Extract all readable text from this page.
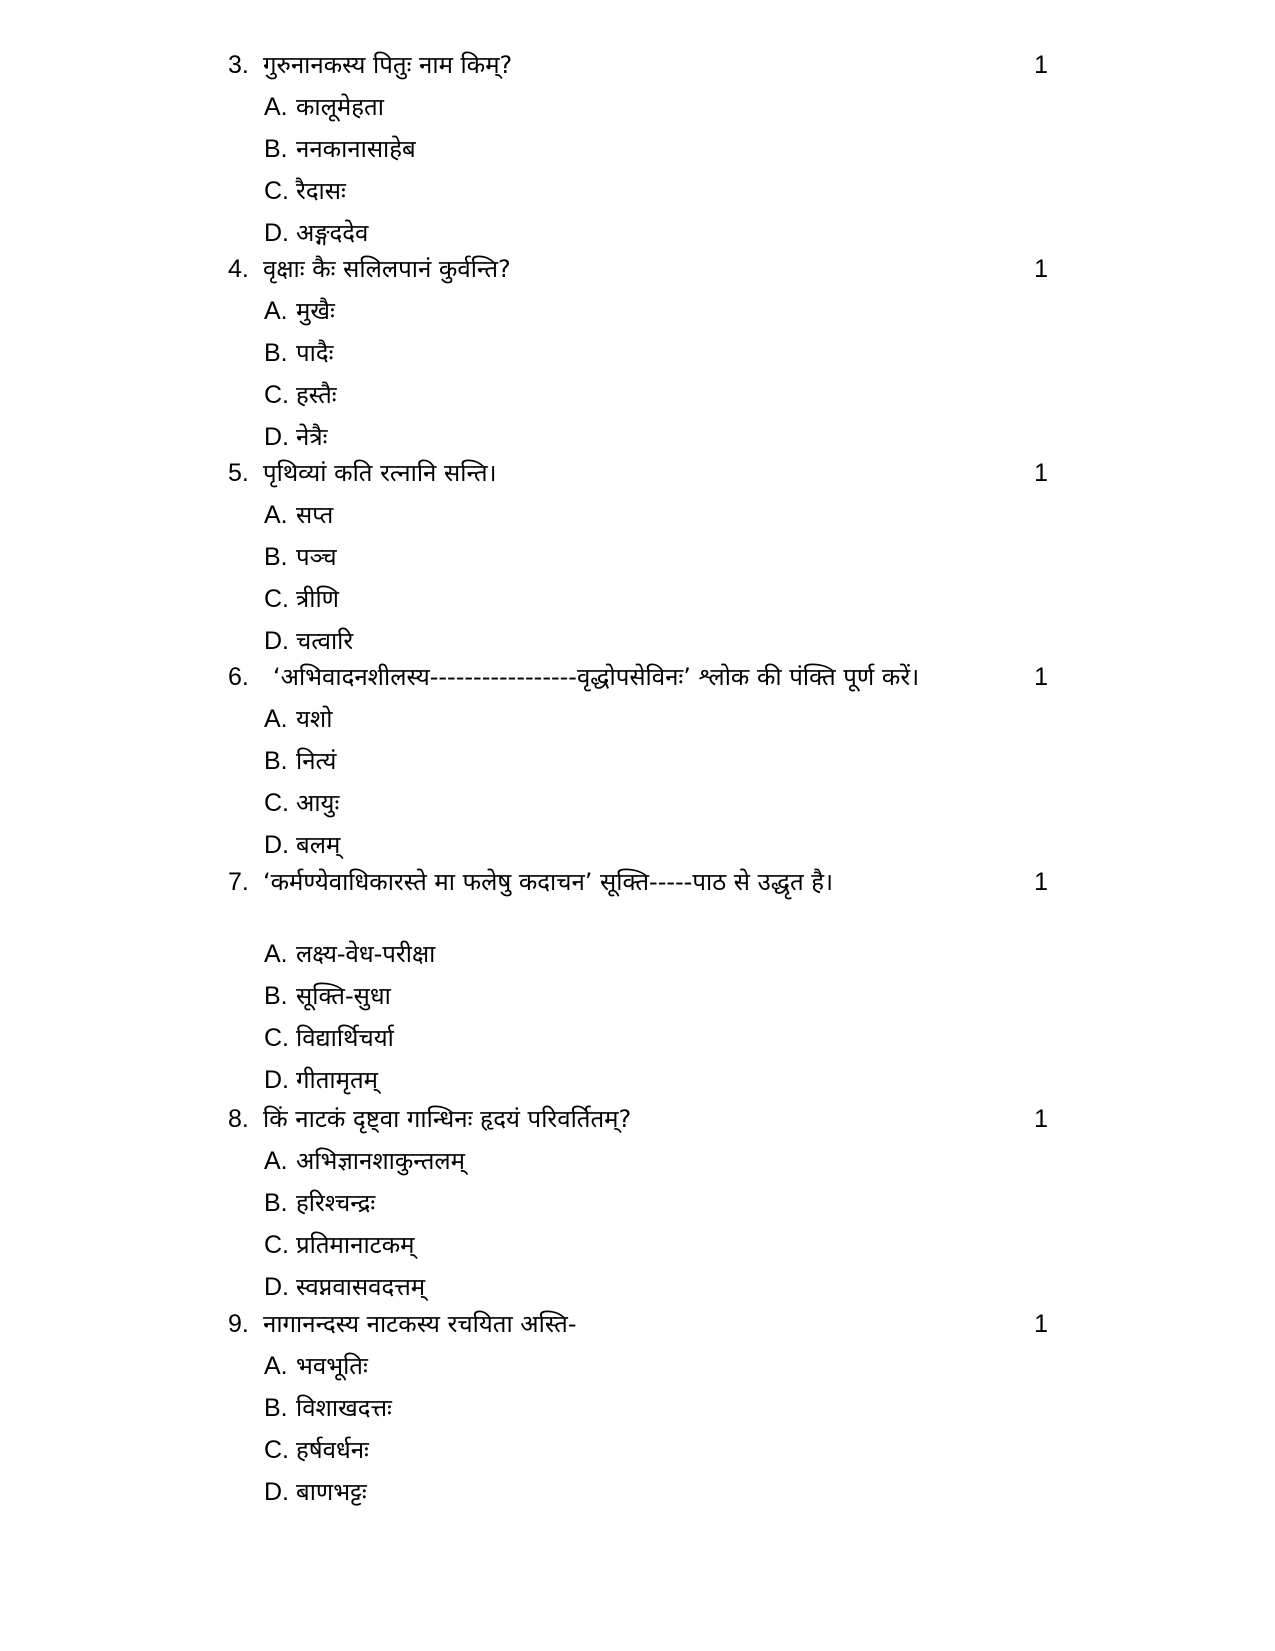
3. गुरुनानकस्य पितुः नाम किम्?	1
A. कालूमेहता
B. ननकानासाहेब
C. रैदासः
D. अङ्गददेव
4. वृक्षाः कैः सलिलपानं कुर्वन्ति?	1
A. मुखैः
B. पादैः
C. हस्तैः
D. नेत्रैः
5. पृथिव्यां कति रत्नानि सन्ति।	1
A. सप्त
B. पञ्च
C. त्रीणि
D. चत्वारि
6. ‘अभिवादनशीलस्य-----------------वृद्धोपसेविनः’ श्लोक की पंक्ति पूर्ण करें।	1
A. यशो
B. नित्यं
C. आयुः
D. बलम्
7. ‘कर्मण्येवाधिकारस्ते मा फलेषु कदाचन’ सूक्ति-----पाठ से उद्धृत है।	1
A. लक्ष्य-वेध-परीक्षा
B. सूक्ति-सुधा
C. विद्यार्थिचर्या
D. गीतामृतम्
8. किं नाटकं दृष्ट्वा गान्धिनः हृदयं परिवर्तितम्?	1
A. अभिज्ञानशाकुन्तलम्
B. हरिश्चन्द्रः
C. प्रतिमानाटकम्
D. स्वप्नवासवदत्तम्
9. नागानन्दस्य नाटकस्य रचयिता अस्ति-	1
A. भवभूतिः
B. विशाखदत्तः
C. हर्षवर्धनः
D. बाणभट्टः
